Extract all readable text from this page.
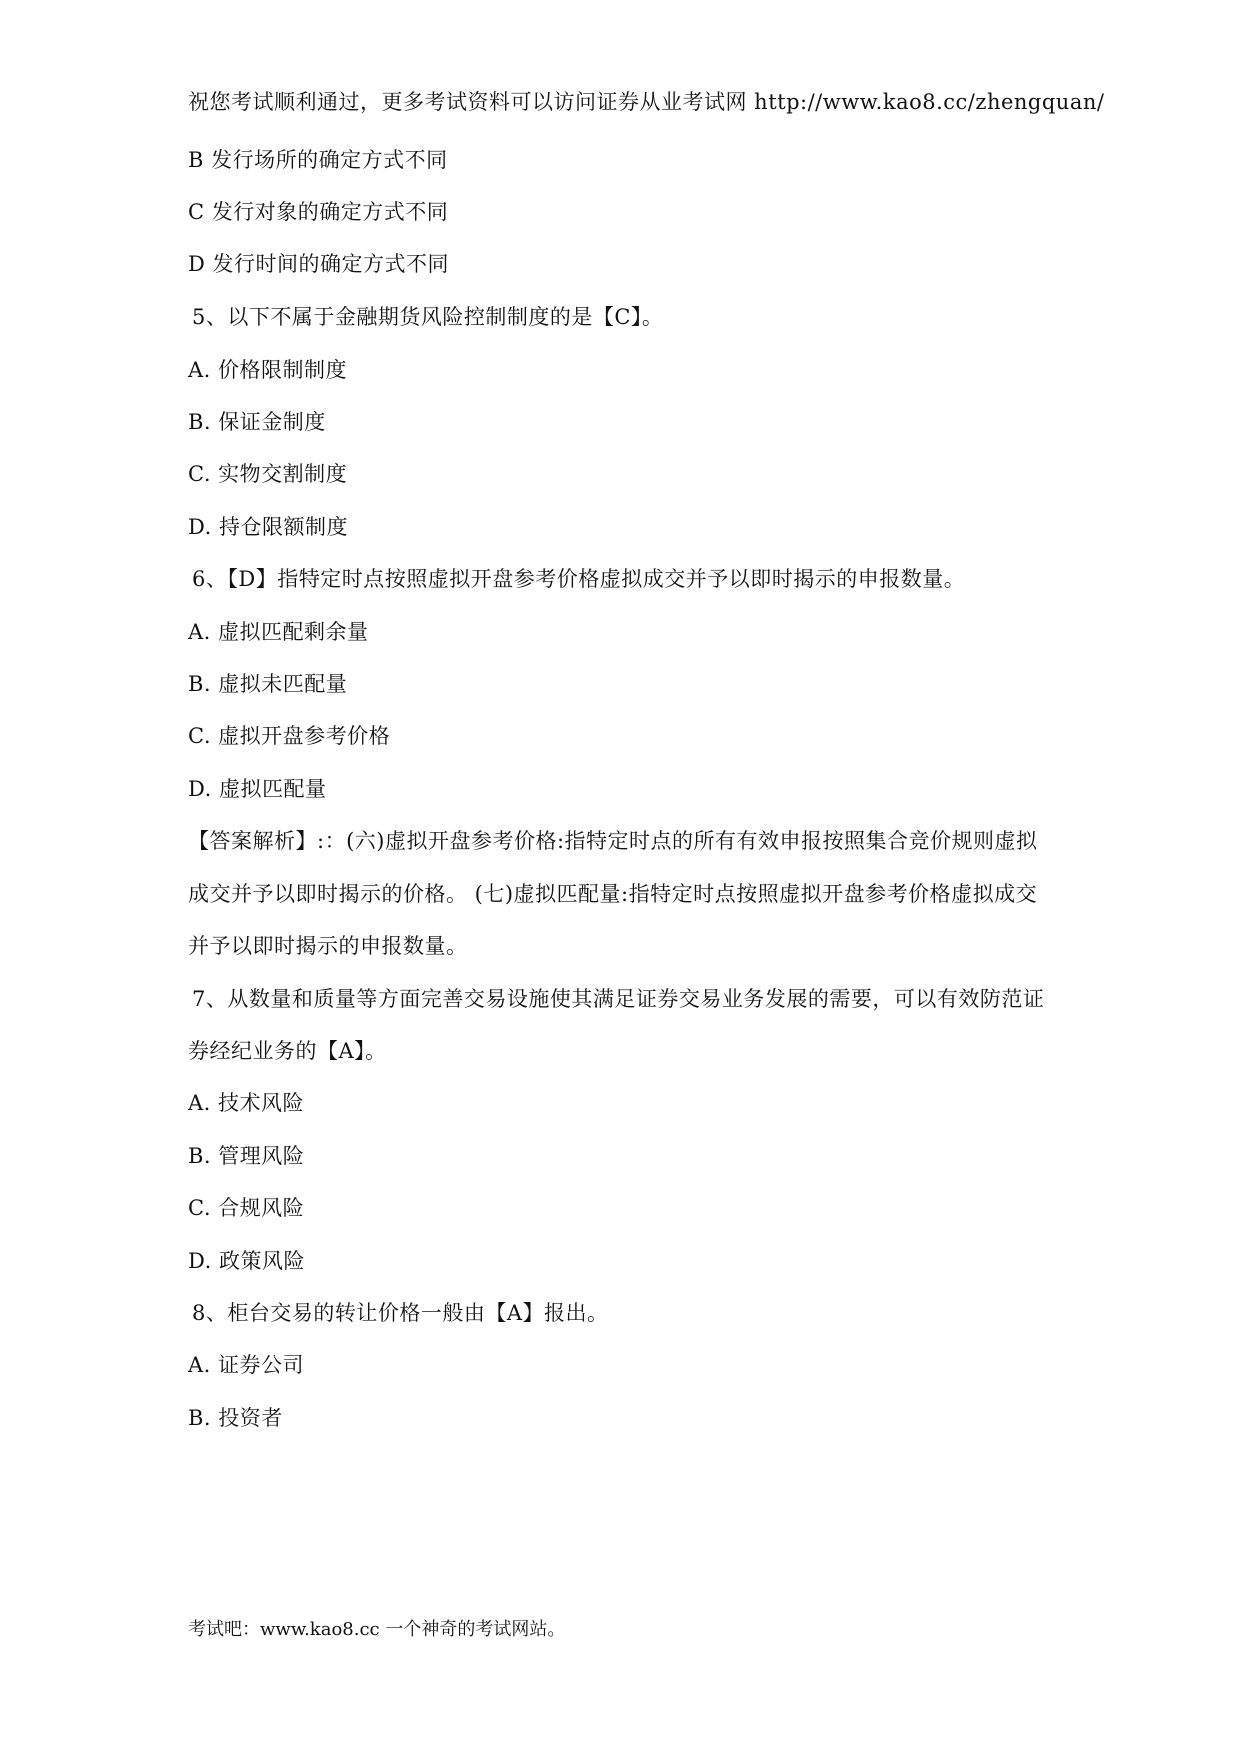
祝您考试顺利通过，更多考试资料可以访问证券从业考试网 http://www.kao8.cc/zhengquan/
B 发行场所的确定方式不同
C 发行对象的确定方式不同
D 发行时间的确定方式不同
5、以下不属于金融期货风险控制制度的是【C】。
A. 价格限制制度
B. 保证金制度
C. 实物交割制度
D. 持仓限额制度
6、【D】指特定时点按照虚拟开盘参考价格虚拟成交并予以即时揭示的申报数量。
A. 虚拟匹配剩余量
B. 虚拟未匹配量
C. 虚拟开盘参考价格
D. 虚拟匹配量
【答案解析】:：(六)虚拟开盘参考价格:指特定时点的所有有效申报按照集合竞价规则虚拟
成交并予以即时揭示的价格。 (七)虚拟匹配量:指特定时点按照虚拟开盘参考价格虚拟成交
并予以即时揭示的申报数量。
7、从数量和质量等方面完善交易设施使其满足证券交易业务发展的需要，可以有效防范证
券经纪业务的【A】。
A. 技术风险
B. 管理风险
C. 合规风险
D. 政策风险
8、柜台交易的转让价格一般由【A】报出。
A. 证券公司
B. 投资者
考试吧：www.kao8.cc 一个神奇的考试网站。
